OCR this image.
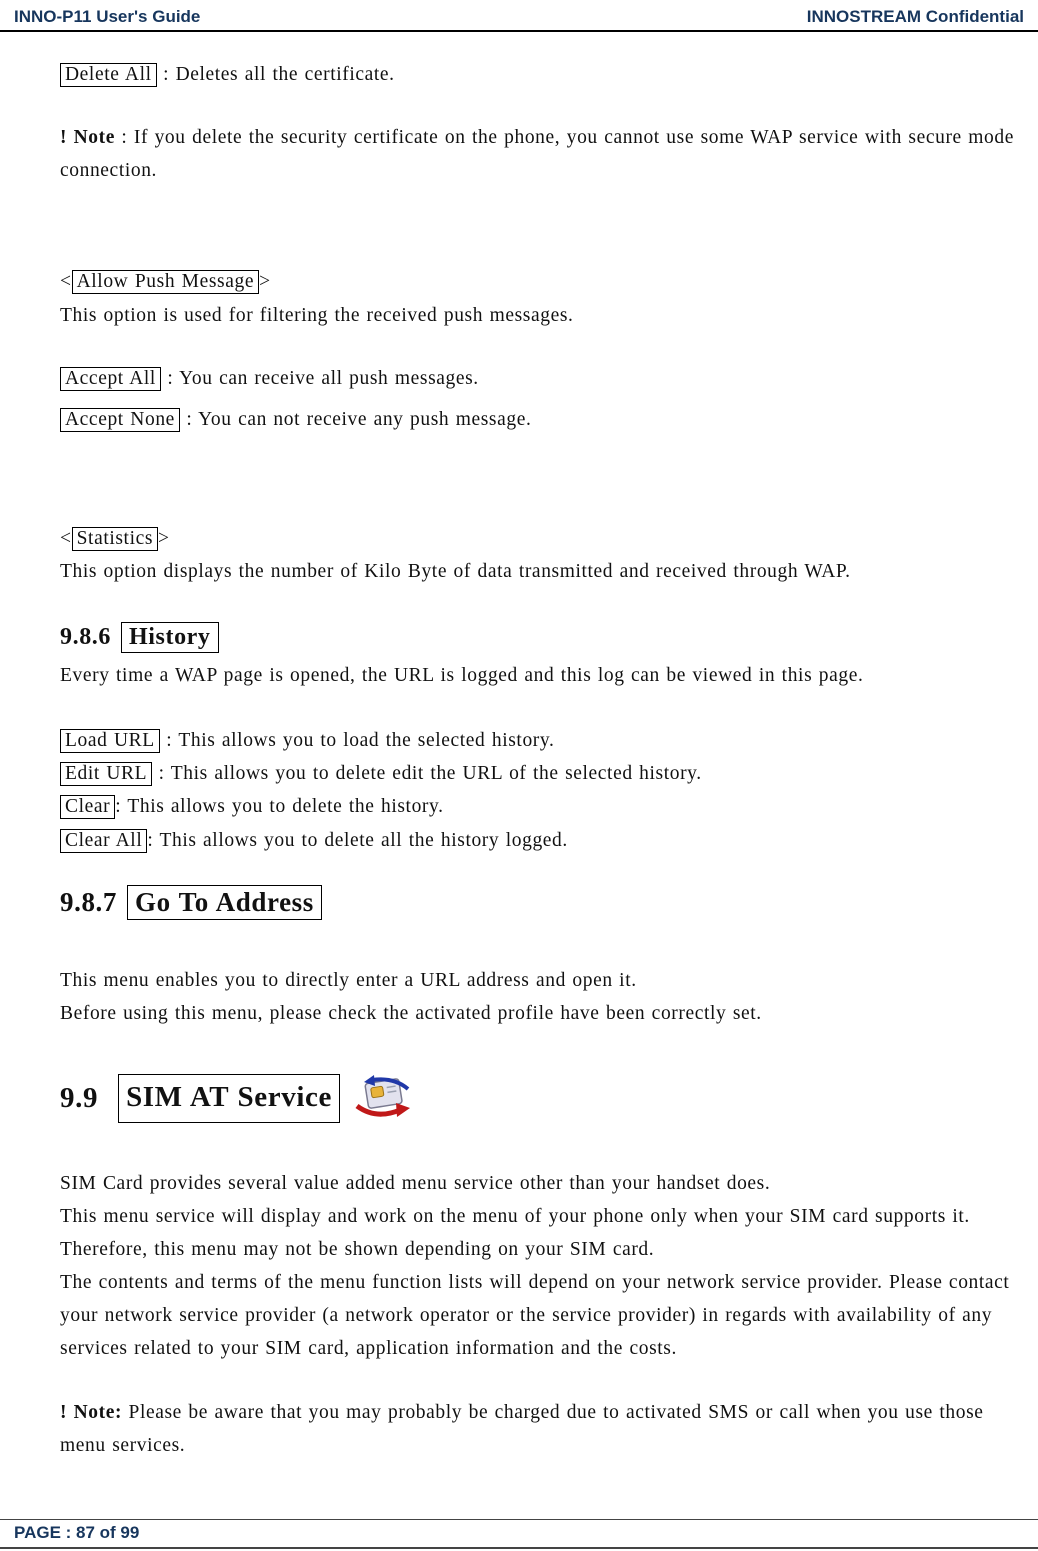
INNO-P11 User's Guide	INNOSTREAM Confidential

Delete All : Deletes all the certificate.

! Note : If you delete the security certificate on the phone, you cannot use some WAP service with secure mode connection.

< Allow Push Message >

This option is used for filtering the received push messages.

Accept All : You can receive all push messages.

Accept None : You can not receive any push message.

< Statistics >

This option displays the number of Kilo Byte of data transmitted and received through WAP.

9.8.6 History

Every time a WAP page is opened, the URL is logged and this log can be viewed in this page.

Load URL : This allows you to load the selected history.

Edit URL : This allows you to delete edit the URL of the selected history.

Clear : This allows you to delete the history.

Clear All : This allows you to delete all the history logged.

9.8.7 Go To Address

This menu enables you to directly enter a URL address and open it.

Before using this menu, please check the activated profile have been correctly set.

9.9 SIM AT Service

SIM Card provides several value added menu service other than your handset does.

This menu service will display and work on the menu of your phone only when your SIM card supports it. Therefore, this menu may not be shown depending on your SIM card.

The contents and terms of the menu function lists will depend on your network service provider. Please contact your network service provider (a network operator or the service provider) in regards with availability of any services related to your SIM card, application information and the costs.

! Note: Please be aware that you may probably be charged due to activated SMS or call when you use those menu services.

PAGE : 87 of 99
